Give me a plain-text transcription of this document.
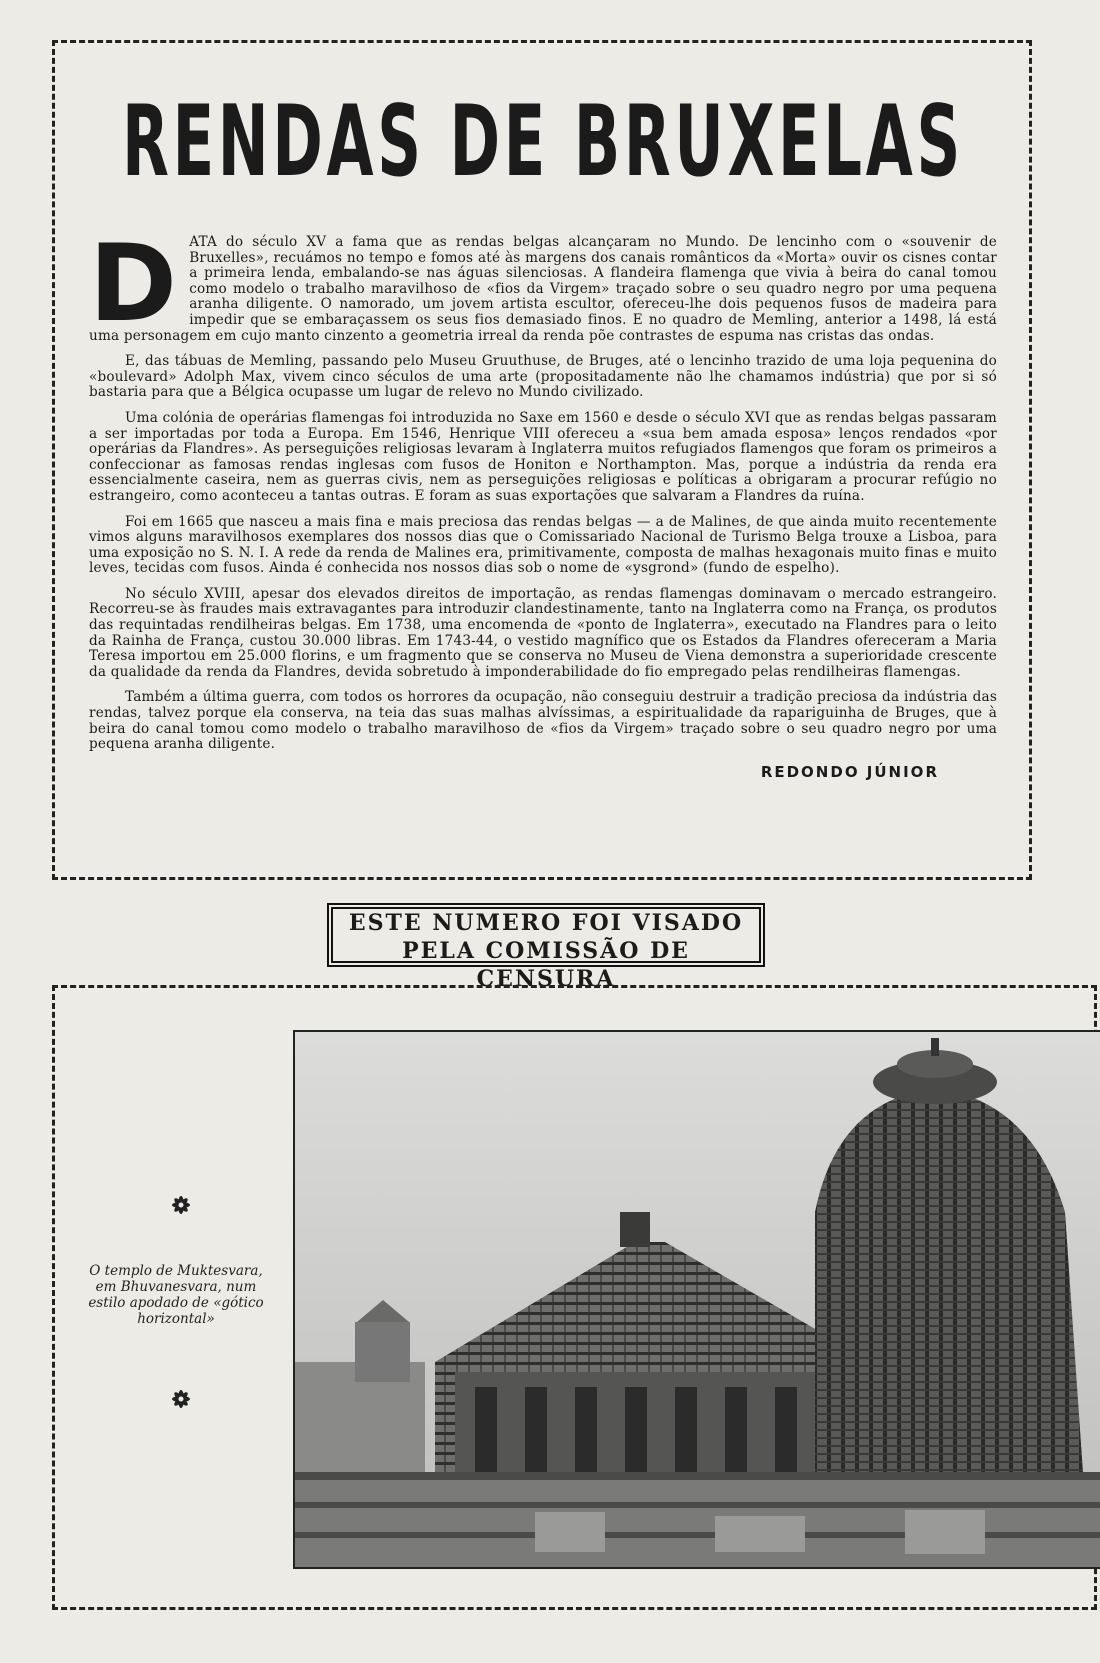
RENDAS DE BRUXELAS

D ATA do século XV a fama que as rendas belgas alcançaram no Mundo. De lencinho com o «souvenir de Bruxelles», recuámos no tempo e fomos até às margens dos canais românticos da «Morta» ouvir os cisnes contar a primeira lenda, embalando-se nas águas silenciosas. A flandeira flamenga que vivia à beira do canal tomou como modelo o trabalho maravilhoso de «fios da Virgem» traçado sobre o seu quadro negro por uma pequena aranha diligente. O namorado, um jovem artista escultor, ofereceu-lhe dois pequenos fusos de madeira para impedir que se embaraçassem os seus fios demasiado finos. E no quadro de Memling, anterior a 1498, lá está uma personagem em cujo manto cinzento a geometria irreal da renda põe contrastes de espuma nas cristas das ondas.

E, das tábuas de Memling, passando pelo Museu Gruuthuse, de Bruges, até o lencinho trazido de uma loja pequenina do «boulevard» Adolph Max, vivem cinco séculos de uma arte (propositadamente não lhe chamamos indústria) que por si só bastaria para que a Bélgica ocupasse um lugar de relevo no Mundo civilizado.

Uma colónia de operárias flamengas foi introduzida no Saxe em 1560 e desde o século XVI que as rendas belgas passaram a ser importadas por toda a Europa. Em 1546, Henrique VIII ofereceu a «sua bem amada esposa» lenços rendados «por operárias da Flandres». As perseguições religiosas levaram à Inglaterra muitos refugiados flamengos que foram os primeiros a confeccionar as famosas rendas inglesas com fusos de Honiton e Northampton. Mas, porque a indústria da renda era essencialmente caseira, nem as guerras civis, nem as perseguições religiosas e políticas a obrigaram a procurar refúgio no estrangeiro, como aconteceu a tantas outras. E foram as suas exportações que salvaram a Flandres da ruína.

Foi em 1665 que nasceu a mais fina e mais preciosa das rendas belgas — a de Malines, de que ainda muito recentemente vimos alguns maravilhosos exemplares dos nossos dias que o Comissariado Nacional de Turismo Belga trouxe a Lisboa, para uma exposição no S. N. I. A rede da renda de Malines era, primitivamente, composta de malhas hexagonais muito finas e muito leves, tecidas com fusos. Ainda é conhecida nos nossos dias sob o nome de «ysgrond» (fundo de espelho).

No século XVIII, apesar dos elevados direitos de importação, as rendas flamengas dominavam o mercado estrangeiro. Recorreu-se às fraudes mais extravagantes para introduzir clandestinamente, tanto na Inglaterra como na França, os produtos das requintadas rendilheiras belgas. Em 1738, uma encomenda de «ponto de Inglaterra», executado na Flandres para o leito da Rainha de França, custou 30.000 libras. Em 1743-44, o vestido magnífico que os Estados da Flandres ofereceram a Maria Teresa importou em 25.000 florins, e um fragmento que se conserva no Museu de Viena demonstra a superioridade crescente da qualidade da renda da Flandres, devida sobretudo à imponderabilidade do fio empregado pelas rendilheiras flamengas.

Também a última guerra, com todos os horrores da ocupação, não conseguiu destruir a tradição preciosa da indústria das rendas, talvez porque ela conserva, na teia das suas malhas alvíssimas, a espiritualidade da rapariguinha de Bruges, que à beira do canal tomou como modelo o trabalho maravilhoso de «fios da Virgem» traçado sobre o seu quadro negro por uma pequena aranha diligente.

REDONDO JÚNIOR
ESTE NUMERO FOI VISADO
PELA COMISSÃO DE CENSURA
O templo de Muktesvara, em Bhuvanesvara, num estilo apodado de «gótico horizontal»
